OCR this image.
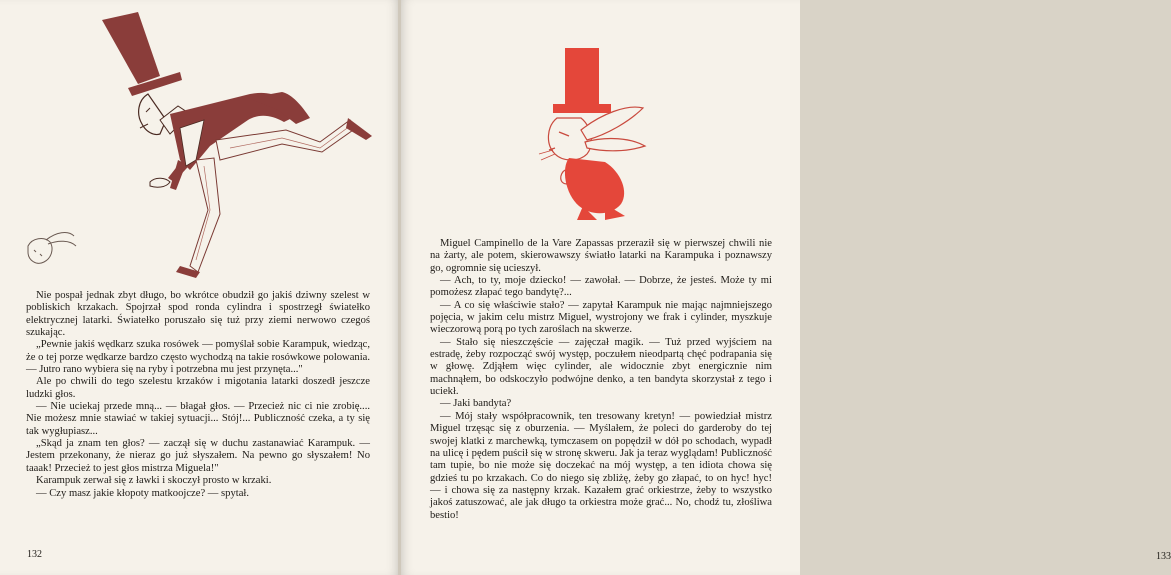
Nie pospał jednak zbyt długo, bo wkrótce obudził go jakiś dziwny szelest w pobliskich krzakach. Spojrzał spod ronda cylindra i spostrzegł światełko elektrycznej latarki. Światełko poruszało się tuż przy ziemi nerwowo czegoś szukając.

„Pewnie jakiś wędkarz szuka rosówek — pomyślał sobie Karampuk, wiedząc, że o tej porze wędkarze bardzo często wychodzą na takie rosówkowe polowania. — Jutro rano wybiera się na ryby i potrzebna mu jest przynęta..."

Ale po chwili do tego szelestu krzaków i migotania latarki doszedł jeszcze ludzki głos.

— Nie uciekaj przede mną... — błagał głos. — Przecież nic ci nie zrobię.... Nie możesz mnie stawiać w takiej sytuacji... Stój!... Publiczność czeka, a ty się tak wygłupiasz...

„Skąd ja znam ten głos? — zaczął się w duchu zastanawiać Karampuk. — Jestem przekonany, że nieraz go już słyszałem. Na pewno go słyszałem! No taaak! Przecież to jest głos mistrza Miguela!"

Karampuk zerwał się z ławki i skoczył prosto w krzaki.

— Czy masz jakie kłopoty matkoojcze? — spytał.

132	133

Miguel Campinello de la Vare Zapassas przeraził się w pierwszej chwili nie na żarty, ale potem, skierowawszy światło latarki na Karampuka i poznawszy go, ogromnie się ucieszył.

— Ach, to ty, moje dziecko! — zawołał. — Dobrze, że jesteś. Może ty mi pomożesz złapać tego bandytę?...

— A co się właściwie stało? — zapytał Karampuk nie mając najmniejszego pojęcia, w jakim celu mistrz Miguel, wystrojony we frak i cylinder, myszkuje wieczorową porą po tych zaroślach na skwerze.

— Stało się nieszczęście — zajęczał magik. — Tuż przed wyjściem na estradę, żeby rozpocząć swój występ, poczułem nieodpartą chęć podrapania się w głowę. Zdjąłem więc cylinder, ale widocznie zbyt energicznie nim machnąłem, bo odskoczyło podwójne denko, a ten bandyta skorzystał z tego i uciekł.

— Jaki bandyta?

— Mój stały współpracownik, ten tresowany kretyn! — powiedział mistrz Miguel trzęsąc się z oburzenia. — Myślałem, że poleci do garderoby do tej swojej klatki z marchewką, tymczasem on popędził w dół po schodach, wypadł na ulicę i pędem puścił się w stronę skweru. Jak ja teraz wyglądam! Publiczność tam tupie, bo nie może się doczekać na mój występ, a ten idiota chowa się gdzieś tu po krzakach. Co do niego się zbliżę, żeby go złapać, to on hyc! hyc! — i chowa się za następny krzak. Kazałem grać orkiestrze, żeby to wszystko jakoś zatuszować, ale jak długo ta orkiestra może grać... No, chodź tu, złośliwa bestio!
